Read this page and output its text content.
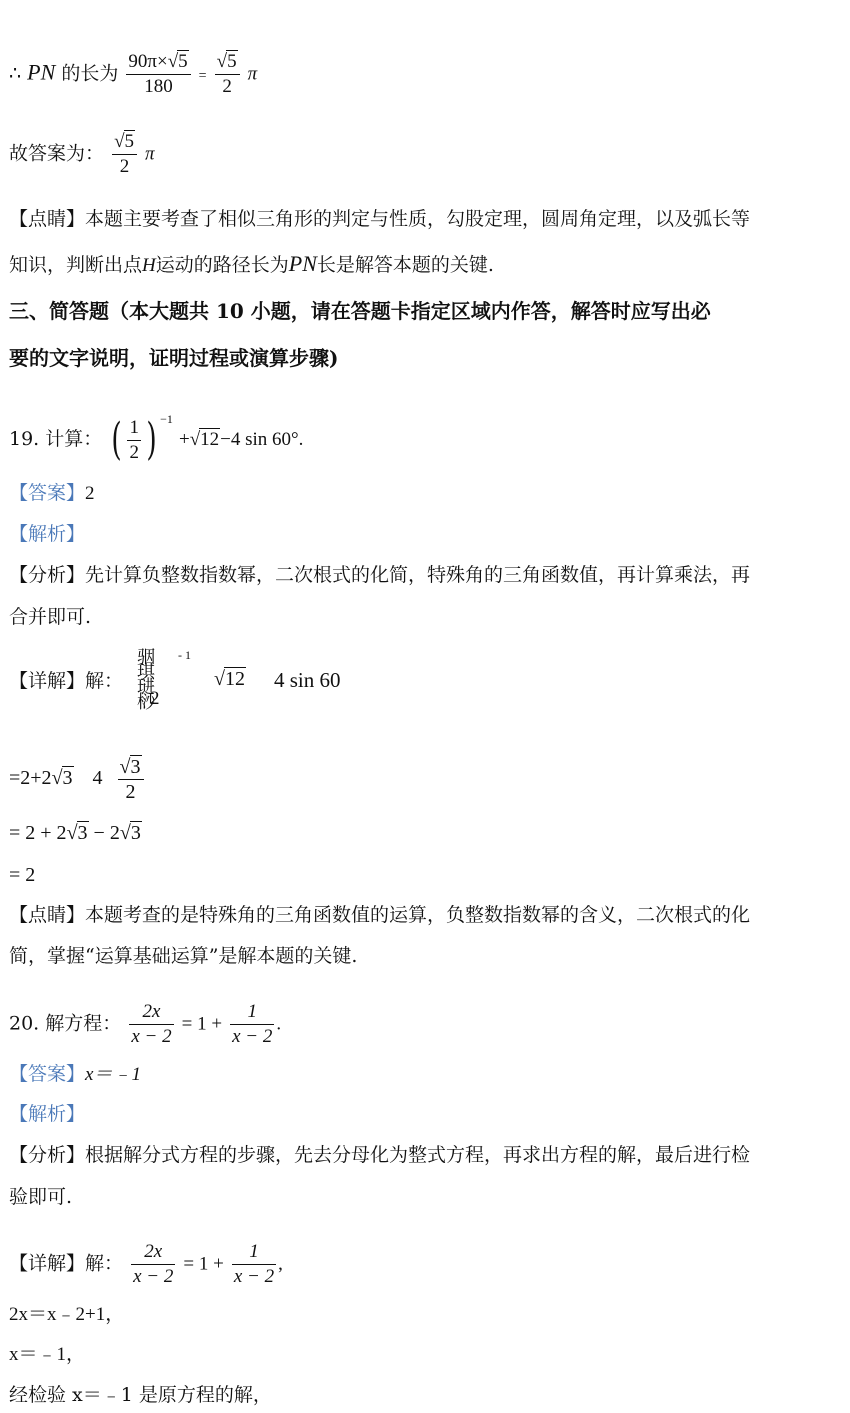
∴ PN 的长为 $\frac{90\pi\times√5}{180} = \frac{√5}{2}$ π
故答案为： $\frac{√5}{2}$ π
【点睛】本题主要考查了相似三角形的判定与性质，勾股定理，圆周角定理，以及弧长等
知识，判断出点H运动的路径长为PN长是解答本题的关键.
三、简答题（本大题共 10 小题，请在答题卡指定区域内作答，解答时应写出必
要的文字说明，证明过程或演算步骤)
19. 计算： ( $\frac{1}{2}$ ) $^{-1}$ +√12−4 sin 60°.
【答案】2
【解析】
【分析】先计算负整数指数幂，二次根式的化简，特殊角的三角函数值，再计算乘法，再
合并即可.
【详解】解：
骃
琪
琎
桫
2
- 1
√12 4 sin 60
=2+2√3 $4 \frac{√3}{2}$
= 2 + 2√3 − 2√3
= 2
【点睛】本题考查的是特殊角的三角函数值的运算，负整数指数幂的含义，二次根式的化
简，掌握“运算基础运算”是解本题的关键.
20. 解方程： $\frac{2x}{x - 2} = 1 + \frac{1}{x - 2}$ .
【答案】x＝﹣1
【解析】
【分析】根据解分式方程的步骤，先去分母化为整式方程，再求出方程的解，最后进行检
验即可.
【详解】解： $\frac{2x}{x - 2} = 1 + \frac{1}{x - 2}$ ,
2x＝x﹣2+1，
x＝﹣1，
经检验 x＝﹣1 是原方程的解，
